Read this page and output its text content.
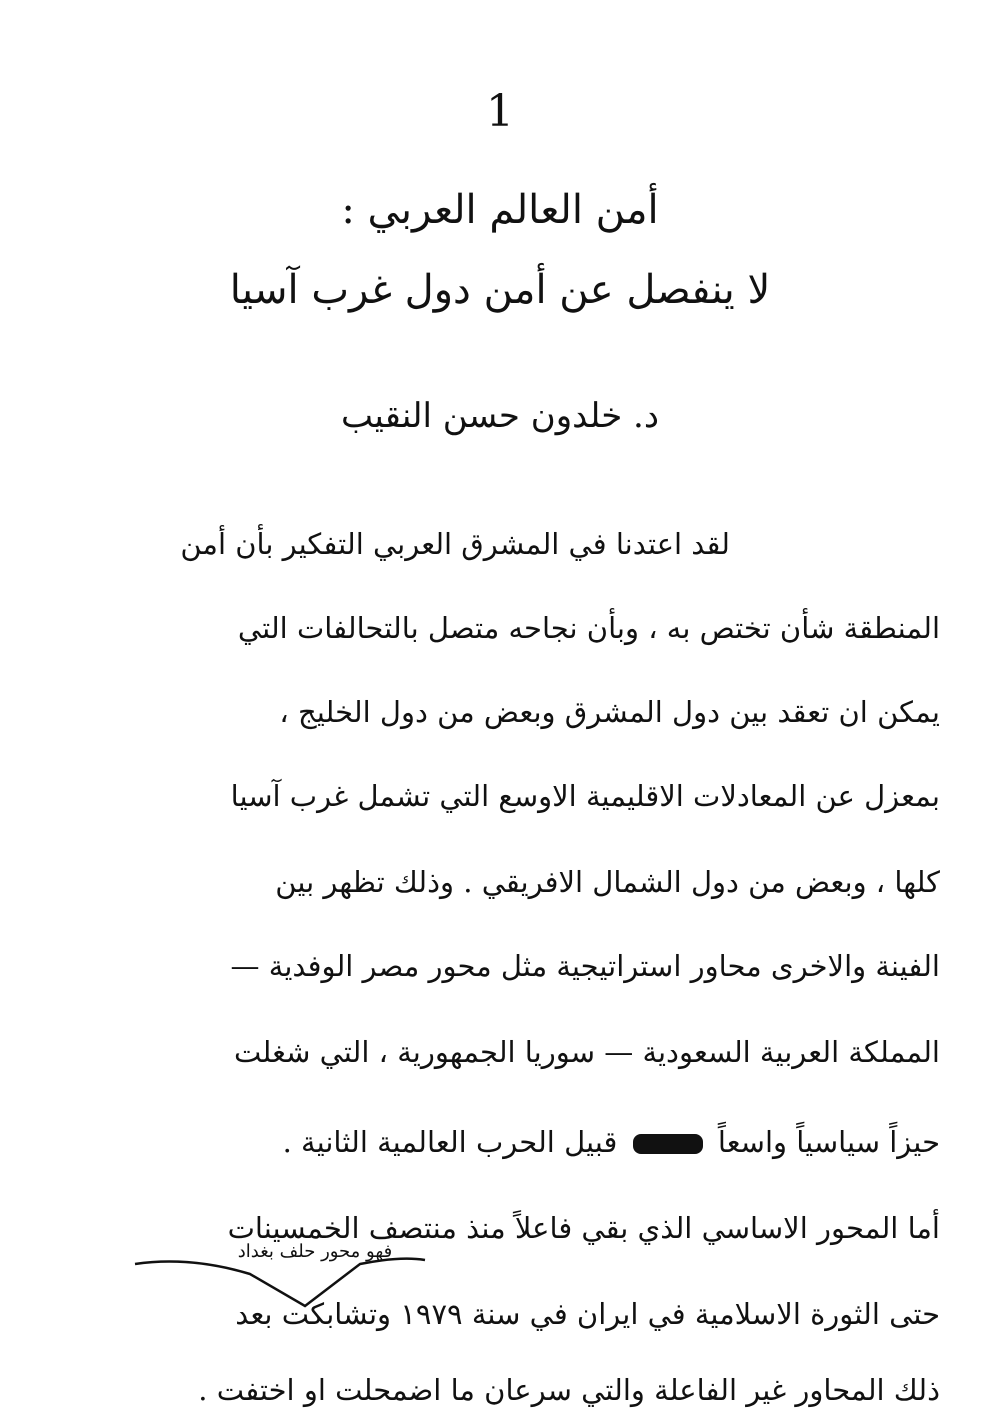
1
أمن العالم العربي :
لا ينفصل عن أمن دول غرب آسيا
د. خلدون حسن النقيب
لقد اعتدنا في المشرق العربي التفكير بأن أمن
المنطقة شأن تختص به ، وبأن نجاحه متصل بالتحالفات التي
يمكن ان تعقد بين دول المشرق وبعض من دول الخليج ،
بمعزل عن المعادلات الاقليمية الاوسع التي تشمل غرب آسيا
كلها ، وبعض من دول الشمال الافريقي . وذلك تظهر بين
الفينة والاخرى محاور استراتيجية مثل محور مصر الوفدية —
المملكة العربية السعودية — سوريا الجمهورية ، التي شغلت
حيزاً سياسياً واسعاً  قبيل الحرب العالمية الثانية .
أما المحور الاساسي الذي بقي فاعلاً منذ منتصف الخمسينات
فهو محور حلف بغداد
حتى الثورة الاسلامية في ايران في سنة ١٩٧٩ وتشابكت بعد
ذلك المحاور غير الفاعلة والتي سرعان ما اضمحلت او اختفت .
